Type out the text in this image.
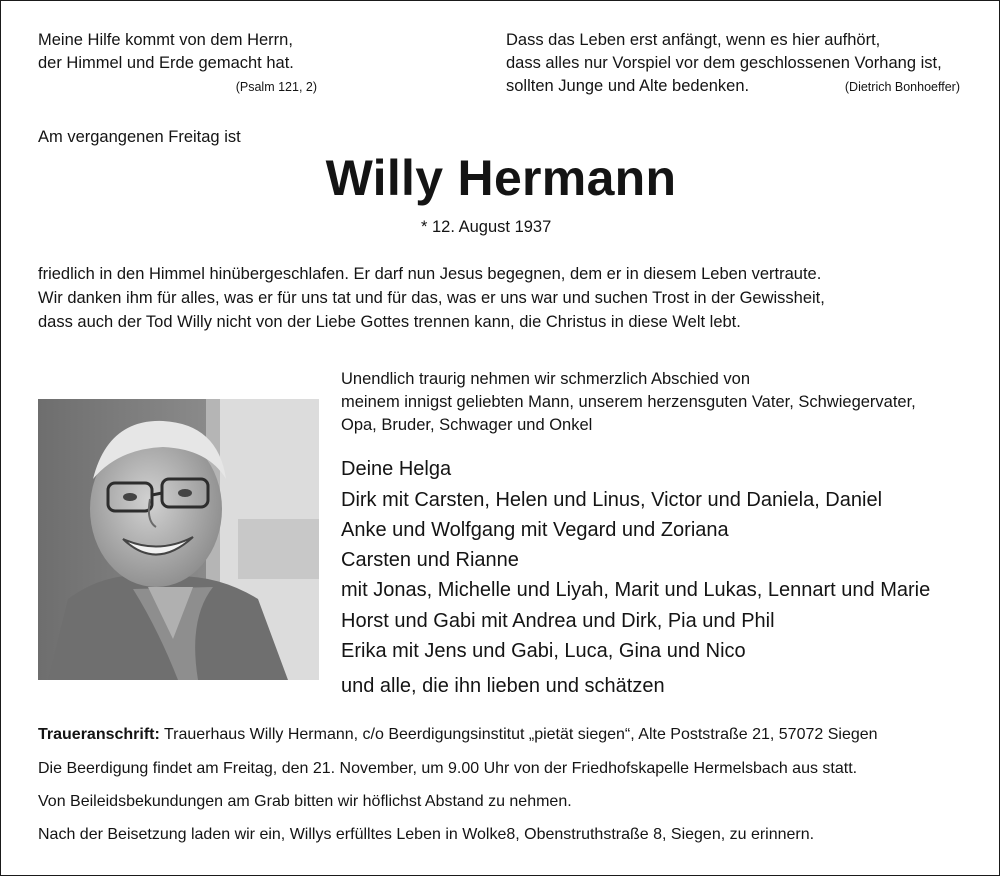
Meine Hilfe kommt von dem Herrn,
der Himmel und Erde gemacht hat.
(Psalm 121, 2)
Dass das Leben erst anfängt, wenn es hier aufhört,
dass alles nur Vorspiel vor dem geschlossenen Vorhang ist,
sollten Junge und Alte bedenken.	(Dietrich Bonhoeffer)
Am vergangenen Freitag ist
Willy Hermann
* 12. August 1937
friedlich in den Himmel hinübergeschlafen. Er darf nun Jesus begegnen, dem er in diesem Leben vertraute.
Wir danken ihm für alles, was er für uns tat und für das, was er uns war und suchen Trost in der Gewissheit,
dass auch der Tod Willy nicht von der Liebe Gottes trennen kann, die Christus in diese Welt lebt.
Unendlich traurig nehmen wir schmerzlich Abschied von
meinem innigst geliebten Mann, unserem herzensguten Vater, Schwiegervater,
Opa, Bruder, Schwager und Onkel
Deine Helga
Dirk mit Carsten, Helen und Linus, Victor und Daniela, Daniel
Anke und Wolfgang mit Vegard und Zoriana
Carsten und Rianne
mit Jonas, Michelle und Liyah, Marit und Lukas, Lennart und Marie
Horst und Gabi mit Andrea und Dirk, Pia und Phil
Erika mit Jens und Gabi, Luca, Gina und Nico
und alle, die ihn lieben und schätzen
Traueranschrift: Trauerhaus Willy Hermann, c/o Beerdigungsinstitut „pietät siegen“, Alte Poststraße 21, 57072 Siegen
Die Beerdigung findet am Freitag, den 21. November, um 9.00 Uhr von der Friedhofskapelle Hermelsbach aus statt.
Von Beileidsbekundungen am Grab bitten wir höflichst Abstand zu nehmen.
Nach der Beisetzung laden wir ein, Willys erfülltes Leben in Wolke8, Obenstruthstraße 8, Siegen, zu erinnern.
